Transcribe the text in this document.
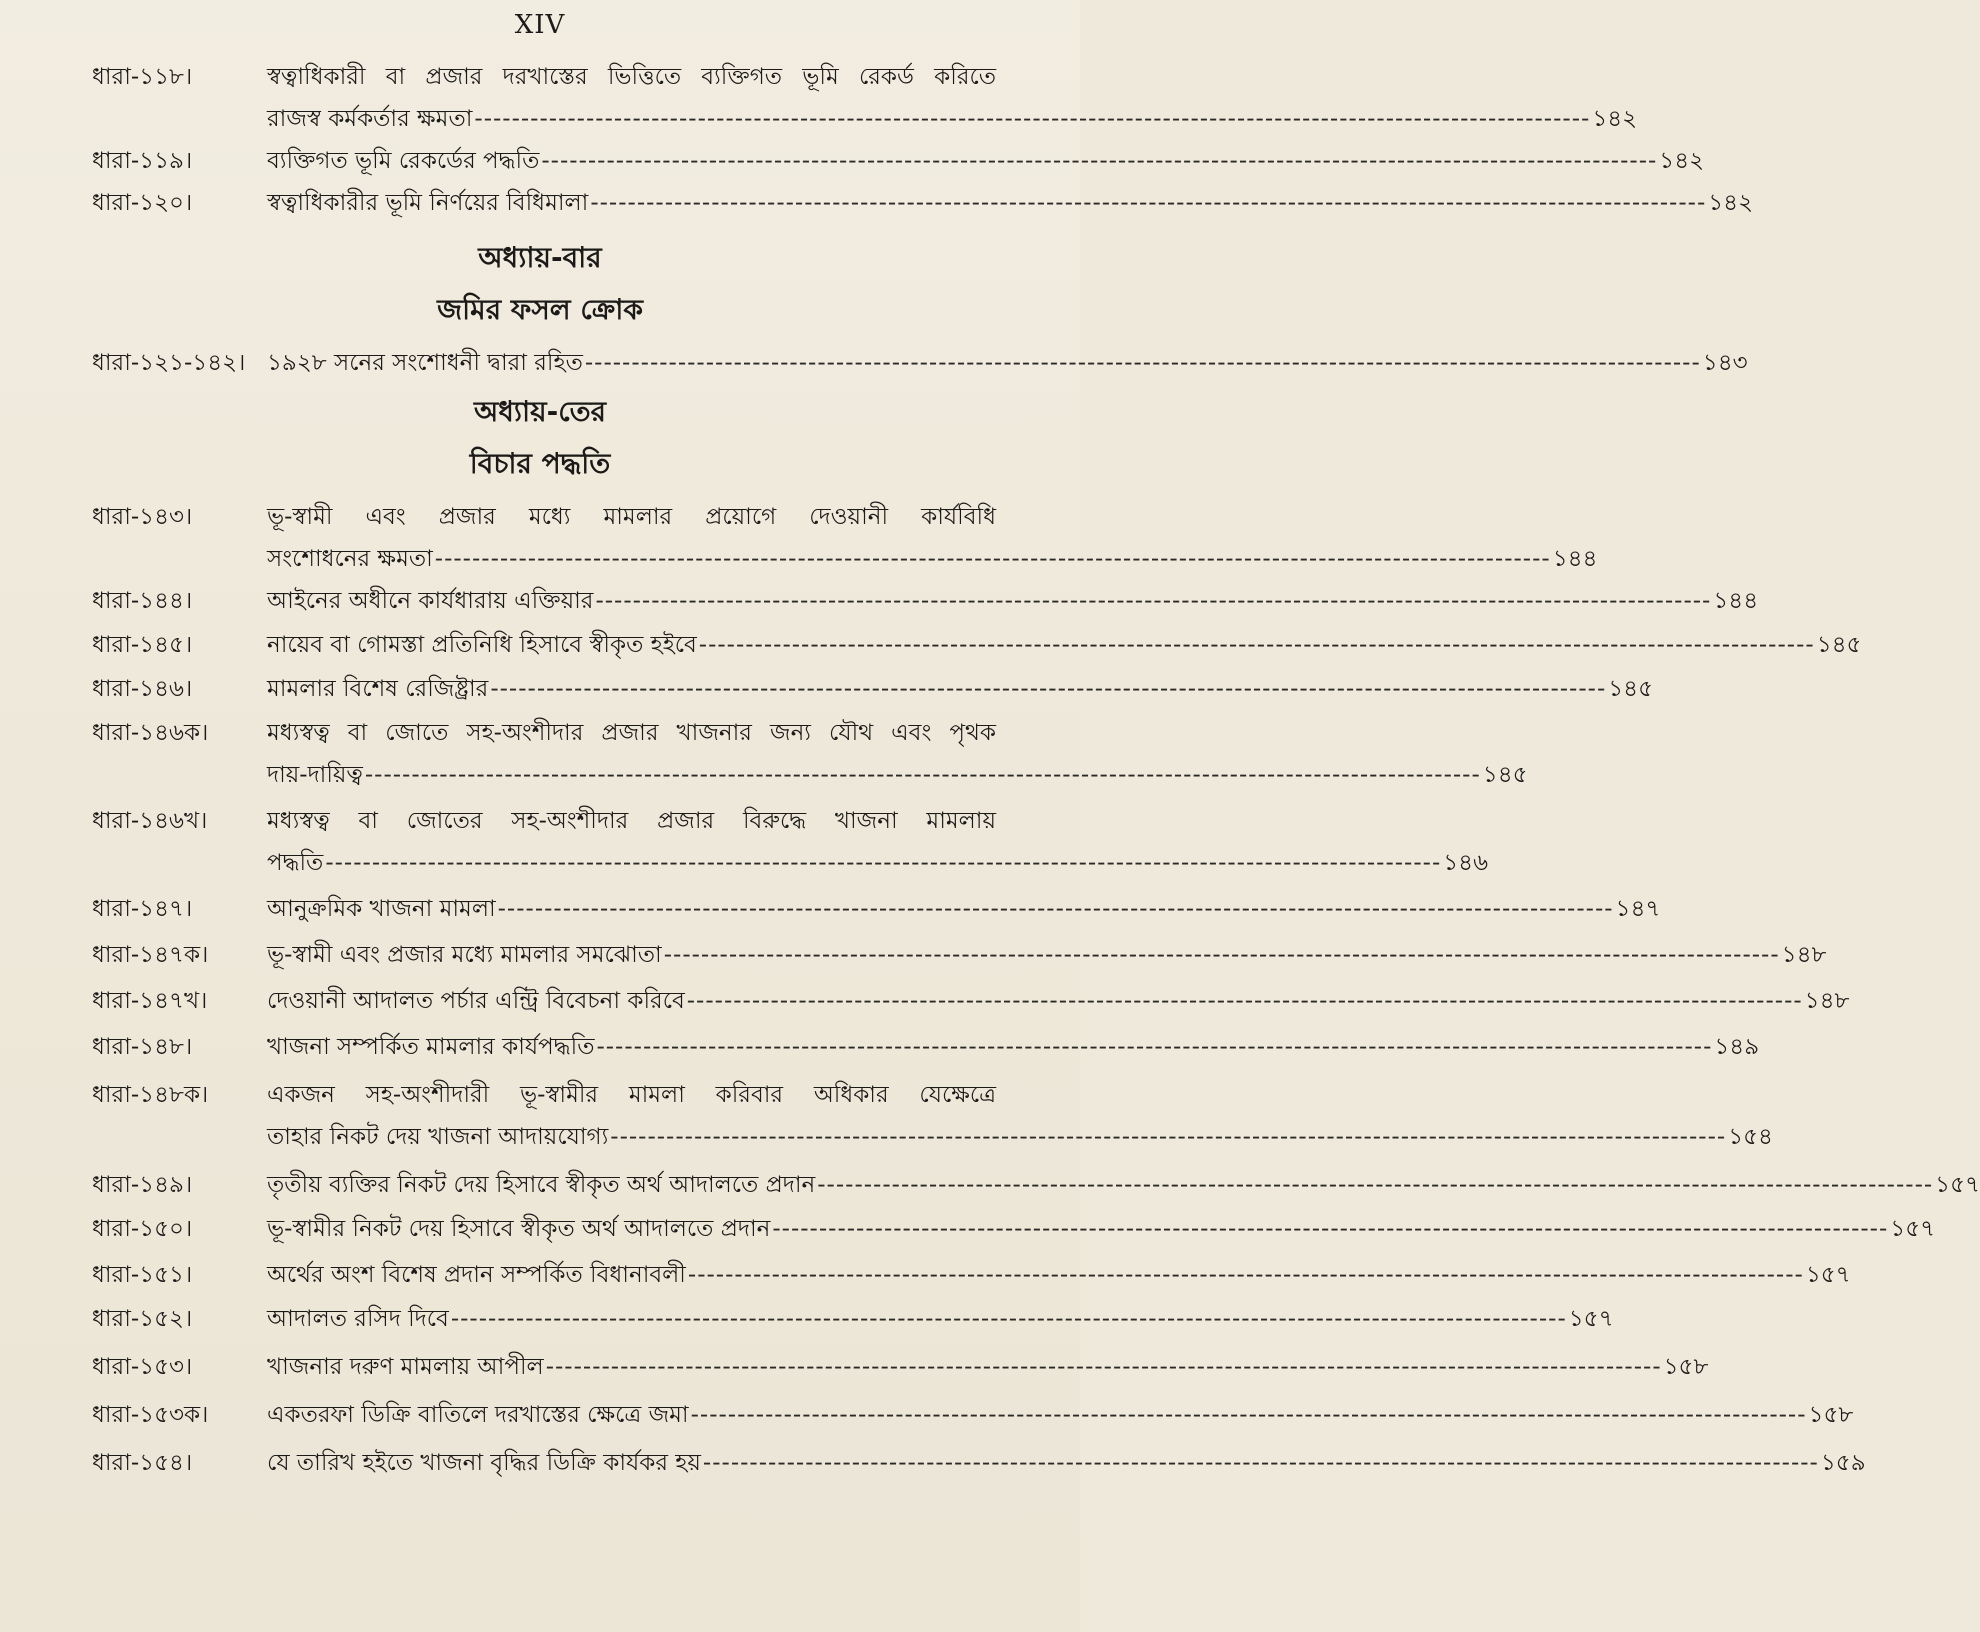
XIV
ধারা-১১৮।	স্বত্বাধিকারী বা প্রজার দরখাস্তের ভিত্তিতে ব্যক্তিগত ভূমি রেকর্ড করিতে
রাজস্ব কর্মকর্তার ক্ষমতা ------------------------------------------------------------------------------------------------------------------------ ১৪২
ধারা-১১৯।	ব্যক্তিগত ভূমি রেকর্ডের পদ্ধতি ------------------------------------------------------------------------------------------------------------------------ ১৪২
ধারা-১২০।	স্বত্বাধিকারীর ভূমি নির্ণয়ের বিধিমালা ------------------------------------------------------------------------------------------------------------------------ ১৪২
অধ্যায়-বার
জমির ফসল ক্রোক
ধারা-১২১-১৪২। ১৯২৮ সনের সংশোধনী দ্বারা রহিত ------------------------------------------------------------------------------------------------------------------------ ১৪৩
অধ্যায়-তের
বিচার পদ্ধতি
ধারা-১৪৩।	ভূ-স্বামী এবং প্রজার মধ্যে মামলার প্রয়োগে দেওয়ানী কার্যবিধি
সংশোধনের ক্ষমতা ------------------------------------------------------------------------------------------------------------------------ ১৪৪
ধারা-১৪৪।	আইনের অধীনে কার্যধারায় এক্তিয়ার ------------------------------------------------------------------------------------------------------------------------ ১৪৪
ধারা-১৪৫।	নায়েব বা গোমস্তা প্রতিনিধি হিসাবে স্বীকৃত হইবে ------------------------------------------------------------------------------------------------------------------------ ১৪৫
ধারা-১৪৬।	মামলার বিশেষ রেজিষ্ট্রার ------------------------------------------------------------------------------------------------------------------------ ১৪৫
ধারা-১৪৬ক।	মধ্যস্বত্ব বা জোতে সহ-অংশীদার প্রজার খাজনার জন্য যৌথ এবং পৃথক
দায়-দায়িত্ব ------------------------------------------------------------------------------------------------------------------------ ১৪৫
ধারা-১৪৬খ।	মধ্যস্বত্ব বা জোতের সহ-অংশীদার প্রজার বিরুদ্ধে খাজনা মামলায়
পদ্ধতি ------------------------------------------------------------------------------------------------------------------------ ১৪৬
ধারা-১৪৭।	আনুক্রমিক খাজনা মামলা ------------------------------------------------------------------------------------------------------------------------ ১৪৭
ধারা-১৪৭ক।	ভূ-স্বামী এবং প্রজার মধ্যে মামলার সমঝোতা ------------------------------------------------------------------------------------------------------------------------ ১৪৮
ধারা-১৪৭খ।	দেওয়ানী আদালত পর্চার এন্ট্রি বিবেচনা করিবে ------------------------------------------------------------------------------------------------------------------------ ১৪৮
ধারা-১৪৮।	খাজনা সম্পর্কিত মামলার কার্যপদ্ধতি ------------------------------------------------------------------------------------------------------------------------ ১৪৯
ধারা-১৪৮ক।	একজন সহ-অংশীদারী ভূ-স্বামীর মামলা করিবার অধিকার যেক্ষেত্রে
তাহার নিকট দেয় খাজনা আদায়যোগ্য ------------------------------------------------------------------------------------------------------------------------ ১৫৪
ধারা-১৪৯।	তৃতীয় ব্যক্তির নিকট দেয় হিসাবে স্বীকৃত অর্থ আদালতে প্রদান ------------------------------------------------------------------------------------------------------------------------ ১৫৭
ধারা-১৫০।	ভূ-স্বামীর নিকট দেয় হিসাবে স্বীকৃত অর্থ আদালতে প্রদান ------------------------------------------------------------------------------------------------------------------------ ১৫৭
ধারা-১৫১।	অর্থের অংশ বিশেষ প্রদান সম্পর্কিত বিধানাবলী ------------------------------------------------------------------------------------------------------------------------ ১৫৭
ধারা-১৫২।	আদালত রসিদ দিবে ------------------------------------------------------------------------------------------------------------------------ ১৫৭
ধারা-১৫৩।	খাজনার দরুণ মামলায় আপীল ------------------------------------------------------------------------------------------------------------------------ ১৫৮
ধারা-১৫৩ক।	একতরফা ডিক্রি বাতিলে দরখাস্তের ক্ষেত্রে জমা ------------------------------------------------------------------------------------------------------------------------ ১৫৮
ধারা-১৫৪।	যে তারিখ হইতে খাজনা বৃদ্ধির ডিক্রি কার্যকর হয় ------------------------------------------------------------------------------------------------------------------------ ১৫৯
